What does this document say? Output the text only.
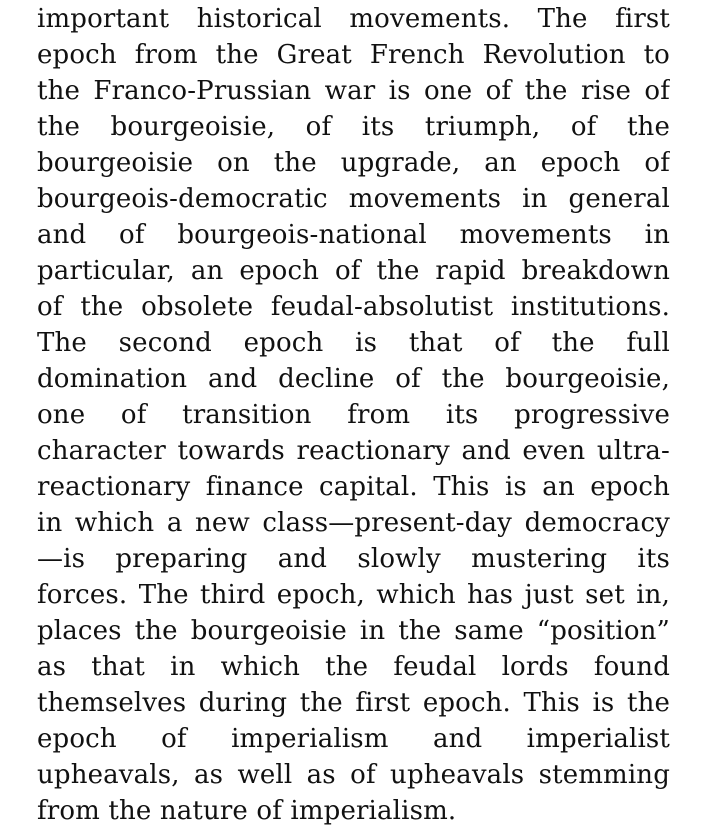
important historical movements. The first
epoch from the Great French Revolution to
the Franco-Prussian war is one of the rise of
the bourgeoisie, of its triumph, of the
bourgeoisie on the upgrade, an epoch of
bourgeois-democratic movements in general
and of bourgeois-national movements in
particular, an epoch of the rapid breakdown
of the obsolete feudal-absolutist institutions.
The second epoch is that of the full
domination and decline of the bourgeoisie,
one of transition from its progressive
character towards reactionary and even ultra-
reactionary finance capital. This is an epoch
in which a new class—present-day democracy
—is preparing and slowly mustering its
forces. The third epoch, which has just set in,
places the bourgeoisie in the same “position”
as that in which the feudal lords found
themselves during the first epoch. This is the
epoch of imperialism and imperialist
upheavals, as well as of upheavals stemming
from the nature of imperialism.
